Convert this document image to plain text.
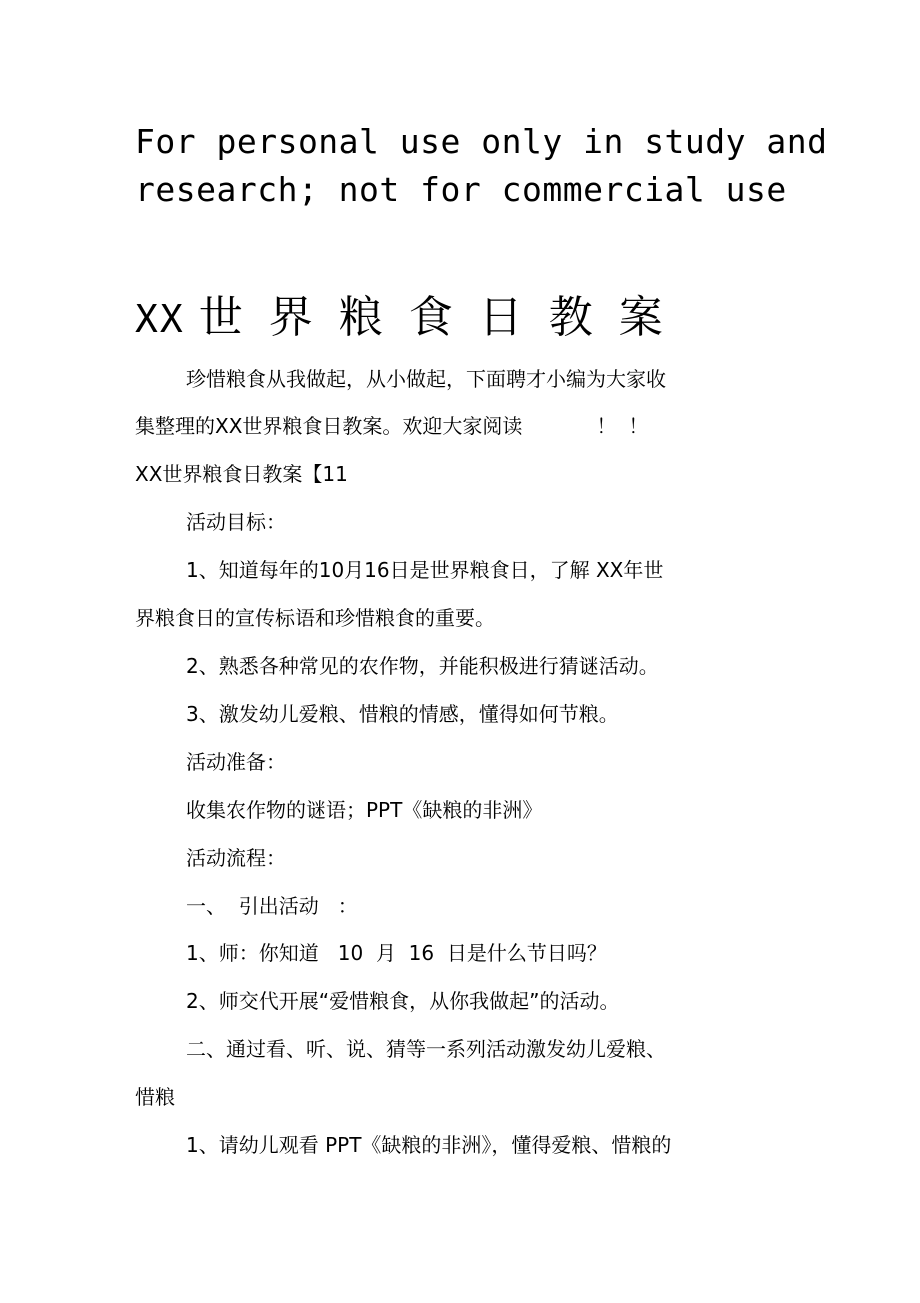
For personal use only in study and
research; not for commercial use
XX 世界粮食日教案
珍惜粮食从我做起，从小做起，下面聘才小编为大家收
集整理的XX世界粮食日教案。欢迎大家阅读	！！
XX世界粮食日教案【11
活动目标：
1、知道每年的10月16日是世界粮食日，了解 XX年世
界粮食日的宣传标语和珍惜粮食的重要。
2、熟悉各种常见的农作物，并能积极进行猜谜活动。
3、激发幼儿爱粮、惜粮的情感，懂得如何节粮。
活动准备：
收集农作物的谜语；PPT《缺粮的非洲》
活动流程：
一、  引出活动   ：
1、师：你知道   10  月  16  日是什么节日吗？
2、师交代开展“爱惜粮食，从你我做起”的活动。
二、通过看、听、说、猜等一系列活动激发幼儿爱粮、
惜粮
1、请幼儿观看 PPT《缺粮的非洲》，懂得爱粮、惜粮的
